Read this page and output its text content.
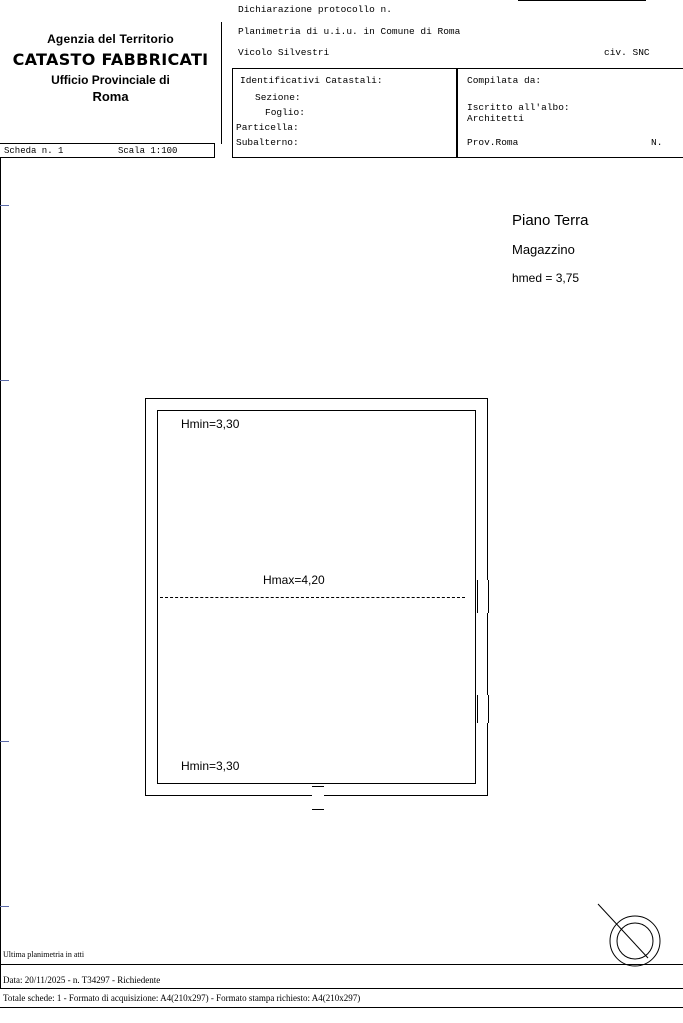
Agenzia del Territorio
CATASTO FABBRICATI
Ufficio Provinciale di
Roma
Scheda n. 1	Scala 1:100
Dichiarazione protocollo n.
Planimetria di u.i.u. in Comune di Roma
Vicolo Silvestri	civ. SNC
Identificativi Catastali:
Sezione:
Foglio:
Particella:
Subalterno:
Compilata da:
Iscritto all'albo:
Architetti
Prov.Roma	N.
Piano Terra
Magazzino
hmed = 3,75
Hmin=3,30
Hmin=3,30
Hmax=4,20
Ultima planimetria in atti
Data: 20/11/2025 - n. T34297 - Richiedente
Totale schede: 1 - Formato di acquisizione: A4(210x297) - Formato stampa richiesto: A4(210x297)
